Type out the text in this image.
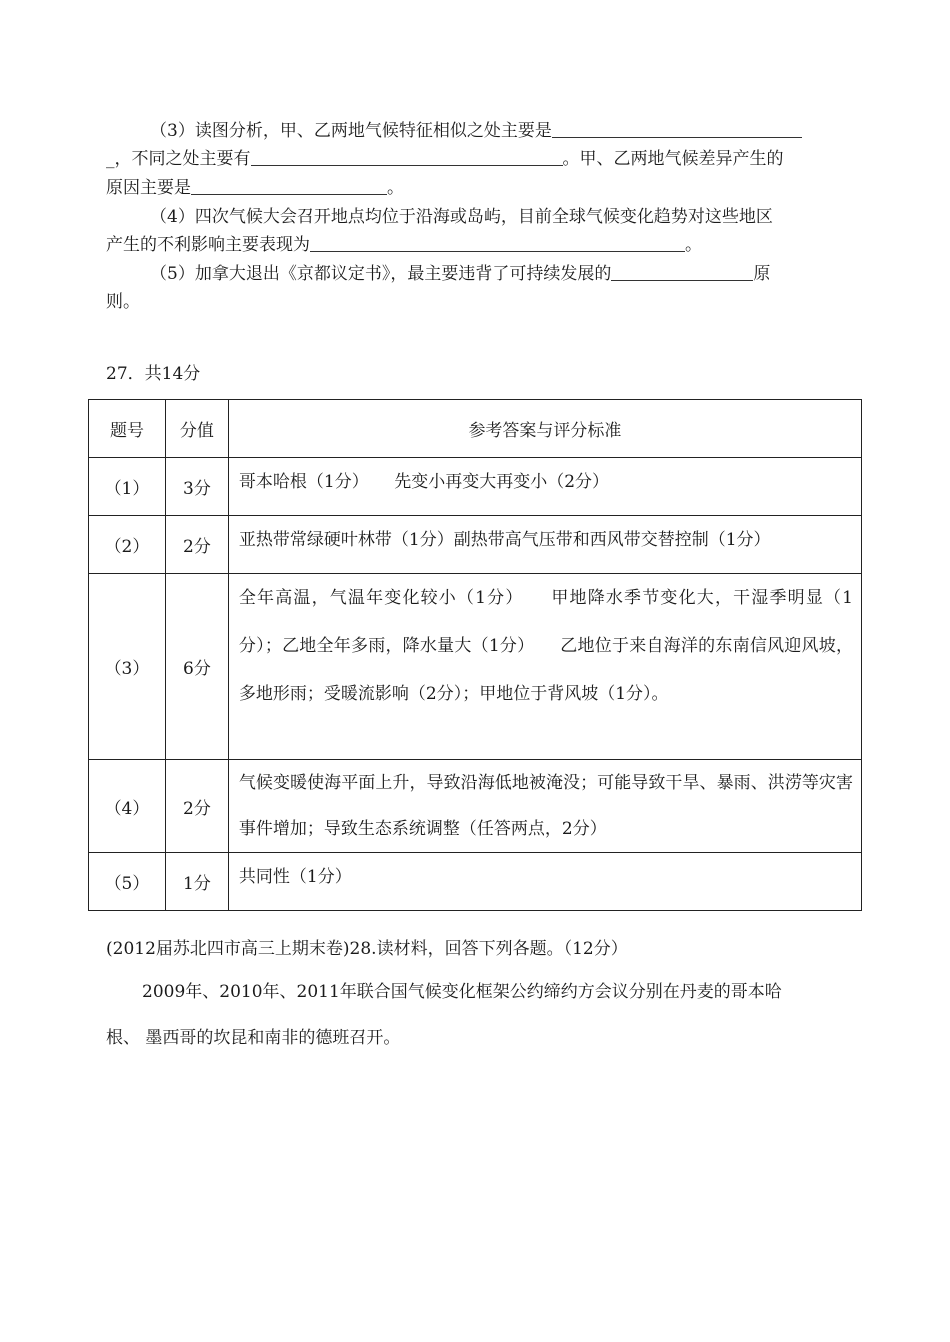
（3）读图分析，甲、乙两地气候特征相似之处主要是
_，不同之处主要有	。甲、乙两地气候差异产生的
原因主要是	。
（4）四次气候大会召开地点均位于沿海或岛屿，目前全球气候变化趋势对这些地区
产生的不利影响主要表现为	。
（5）加拿大退出《京都议定书》，最主要违背了可持续发展的	原
则。
27．共14分
题号	分值	参考答案与评分标准
（1）	3分	哥本哈根（1分）　　先变小再变大再变小（2分）
（2）	2分	亚热带常绿硬叶林带（1分）副热带高气压带和西风带交替控制（1分）
（3）	6分	全年高温，气温年变化较小（1分）　　甲地降水季节变化大，干湿季明显（1分）；乙地全年多雨，降水量大（1分）　　乙地位于来自海洋的东南信风迎风坡，多地形雨；受暖流影响（2分）；甲地位于背风坡（1分）。
（4）	2分	气候变暖使海平面上升，导致沿海低地被淹没；可能导致干旱、暴雨、洪涝等灾害事件增加；导致生态系统调整（任答两点，2分）
（5）	1分	共同性（1分）
(2012届苏北四市高三上期末卷)28.读材料，回答下列各题。（12分）
2009年、2010年、2011年联合国气候变化框架公约缔约方会议分别在丹麦的哥本哈
根、 墨西哥的坎昆和南非的德班召开。
